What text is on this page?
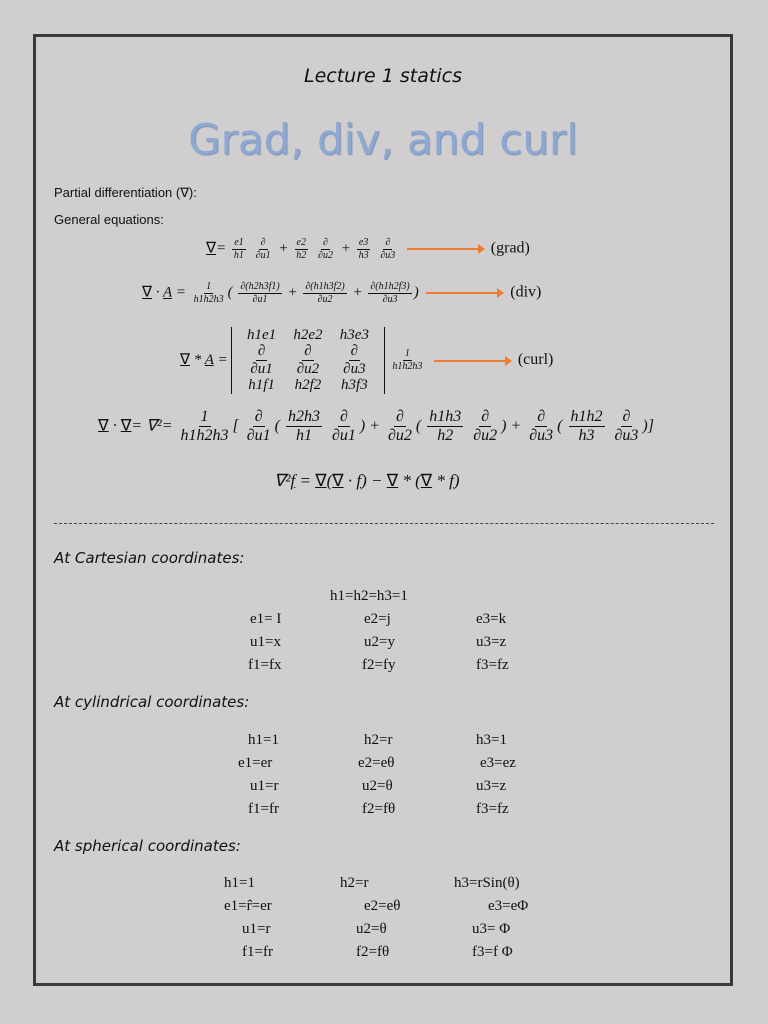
Lecture 1 statics
Grad, div, and curl
Partial differentiation (∇):
General equations:
∇= $\frac{e1}{h1}$
$\frac{\partial}{\partial u1} + \frac{e2}{h2}$
$\frac{\partial}{\partial u2} + \frac{e3}{h3}$
$\frac{\partial}{\partial u3}$	(grad)
∇ · $A = \frac{1}{h1h2h3}$ ( $\frac{\partial(h2h3f1)}{\partial u1} + \frac{\partial(h1h3f2)}{\partial u2} + \frac{\partial(h1h2f3)}{\partial u3}$ )	(div)
∇ * A =
h1e1	h2e2	h3e3

$\frac{\partial}{\partial u1}$	$\frac{\partial}{\partial u2}$	$\frac{\partial}{\partial u3}$

h1f1	h2f2	h3f3

$\frac{1}{h1h2h3}$	(curl)
∇ · ∇= $\nabla^2= \frac{1}{h1h2h3}$ [ $\frac{\partial}{\partial u1}$ ( $\frac{h2h3}{h1}$
$\frac{\partial}{\partial u1}$ ) + $\frac{\partial}{\partial u2}$ ( $\frac{h1h3}{h2}$
$\frac{\partial}{\partial u2}$ ) + $\frac{\partial}{\partial u3}$ ( $\frac{h1h2}{h3}$
$\frac{\partial}{\partial u3}$ )]
∇²f = ∇(∇ · f) − ∇ * (∇ * f)
At Cartesian coordinates:
h1=h2=h3=1
e1= I	e2=j	e3=k
u1=x	u2=y	u3=z
f1=fx	f2=fy	f3=fz
At cylindrical coordinates:
h1=1	h2=r	h3=1
e1=er	e2=eθ	e3=ez
u1=r	u2=θ	u3=z
f1=fr	f2=fθ	f3=fz
At spherical coordinates:
h1=1	h2=r	h3=rSin(θ)
e1=r̂=er	e2=eθ	e3=eΦ
u1=r	u2=θ	u3= Φ
f1=fr	f2=fθ	f3=f Φ
